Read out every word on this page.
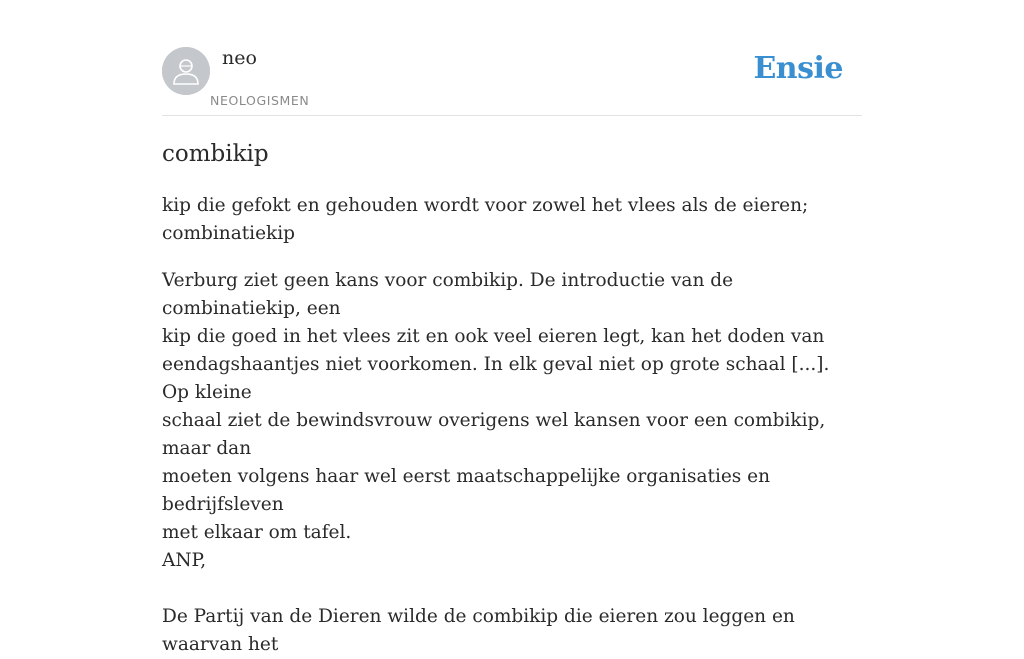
neo
NEOLOGISMEN
Ensie
combikip

kip die gefokt en gehouden wordt voor zowel het vlees als de eieren;
combinatiekip

Verburg ziet geen kans voor combikip. De introductie van de combinatiekip, een
kip die goed in het vlees zit en ook veel eieren legt, kan het doden van
eendagshaantjes niet voorkomen. In elk geval niet op grote schaal [...]. Op kleine
schaal ziet de bewindsvrouw overigens wel kansen voor een combikip, maar dan
moeten volgens haar wel eerst maatschappelijke organisaties en bedrijfsleven
met elkaar om tafel.
ANP,
De Partij van de Dieren wilde de combikip die eieren zou leggen en waarvan het
